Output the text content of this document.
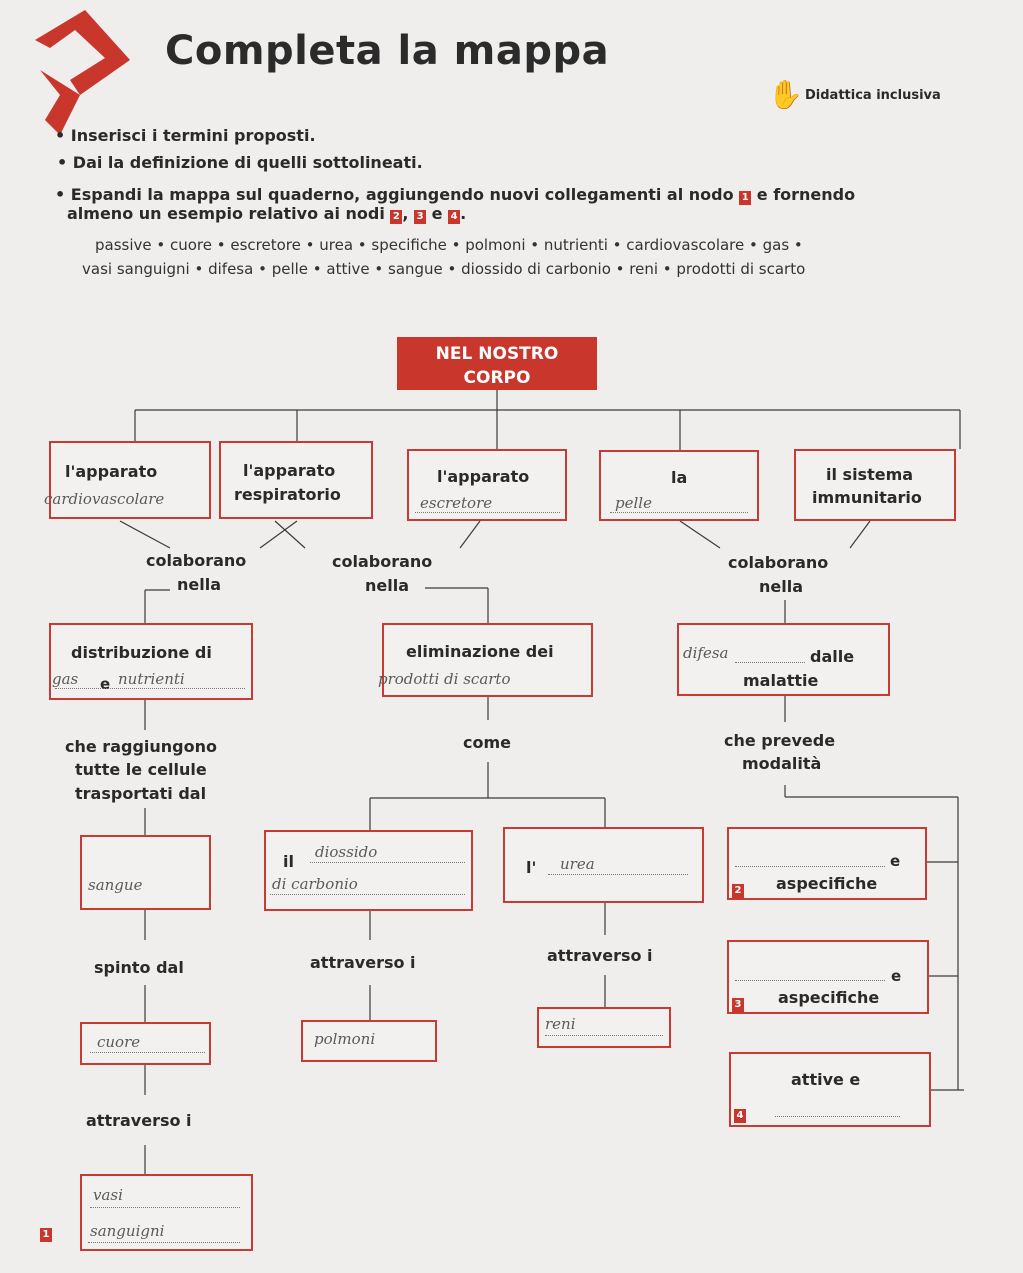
Completa la mappa
✋ Didattica inclusiva
• Inserisci i termini proposti.
• Dai la definizione di quelli sottolineati.
• Espandi la mappa sul quaderno, aggiungendo nuovi collegamenti al nodo 1 e fornendo
almeno un esempio relativo ai nodi 2 , 3 e 4 .
passive • cuore • escretore • urea • specifiche • polmoni • nutrienti • cardiovascolare • gas •
vasi sanguigni • difesa • pelle • attive • sangue • diossido di carbonio • reni • prodotti di scarto
NEL NOSTRO
CORPO
l'apparato
cardiovascolare
l'apparato
respiratorio
l'apparato
escretore
la
pelle
il sistema
immunitario
colaborano
nella
colaborano
nella
colaborano
nella
distribuzione di
gas e nutrienti
eliminazione dei
prodotti di scarto
difesa	dalle
malattie
che raggiungono
tutte le cellule
trasportati dal
come	che prevede
modalità
sangue
il diossido
di carbonio
l' urea	e
2 aspecifiche
e
3 aspecifiche
attive e
4
spinto dal	attraverso i	attraverso i
cuore	polmoni
reni
attraverso i
vasi
1	sanguigni
